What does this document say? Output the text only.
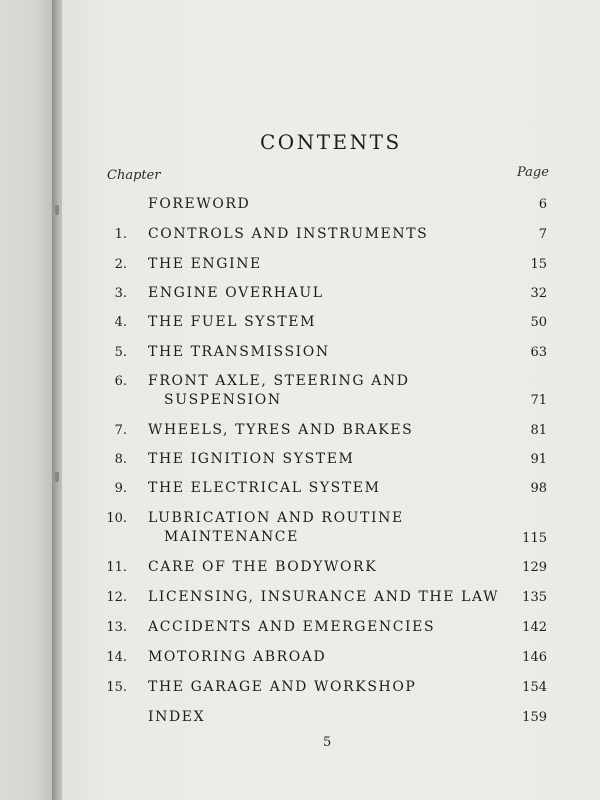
CONTENTS
Chapter	Page
FOREWORD	6
1. CONTROLS AND INSTRUMENTS	7
2. THE ENGINE	15
3. ENGINE OVERHAUL	32
4. THE FUEL SYSTEM	50
5. THE TRANSMISSION	63
6. FRONT AXLE, STEERING AND
SUSPENSION	71
7. WHEELS, TYRES AND BRAKES	81
8. THE IGNITION SYSTEM	91
9. THE ELECTRICAL SYSTEM	98
10. LUBRICATION AND ROUTINE
MAINTENANCE	115
11. CARE OF THE BODYWORK	129
12. LICENSING, INSURANCE AND THE LAW	135
13. ACCIDENTS AND EMERGENCIES	142
14. MOTORING ABROAD	146
15. THE GARAGE AND WORKSHOP	154
INDEX	159
5
